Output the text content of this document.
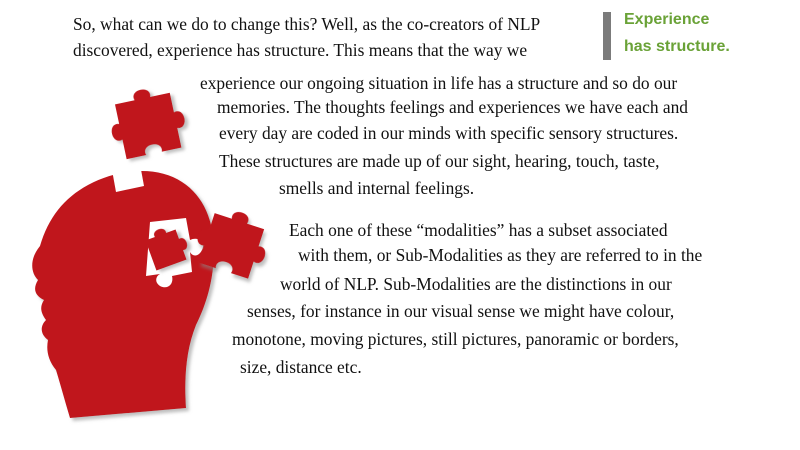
Experience

has structure.

So, what can we do to change this? Well, as the co-creators of NLP

discovered, experience has structure. This means that the way we

experience our ongoing situation in life has a structure and so do our

memories. The thoughts feelings and experiences we have each and

every day are coded in our minds with specific sensory structures.

These structures are made up of our sight, hearing, touch, taste,

smells and internal feelings.

Each one of these “modalities” has a subset associated

with them, or Sub-Modalities as they are referred to in the

world of NLP. Sub-Modalities are the distinctions in our

senses, for instance in our visual sense we might have colour,

monotone, moving pictures, still pictures, panoramic or borders,

size, distance etc.
